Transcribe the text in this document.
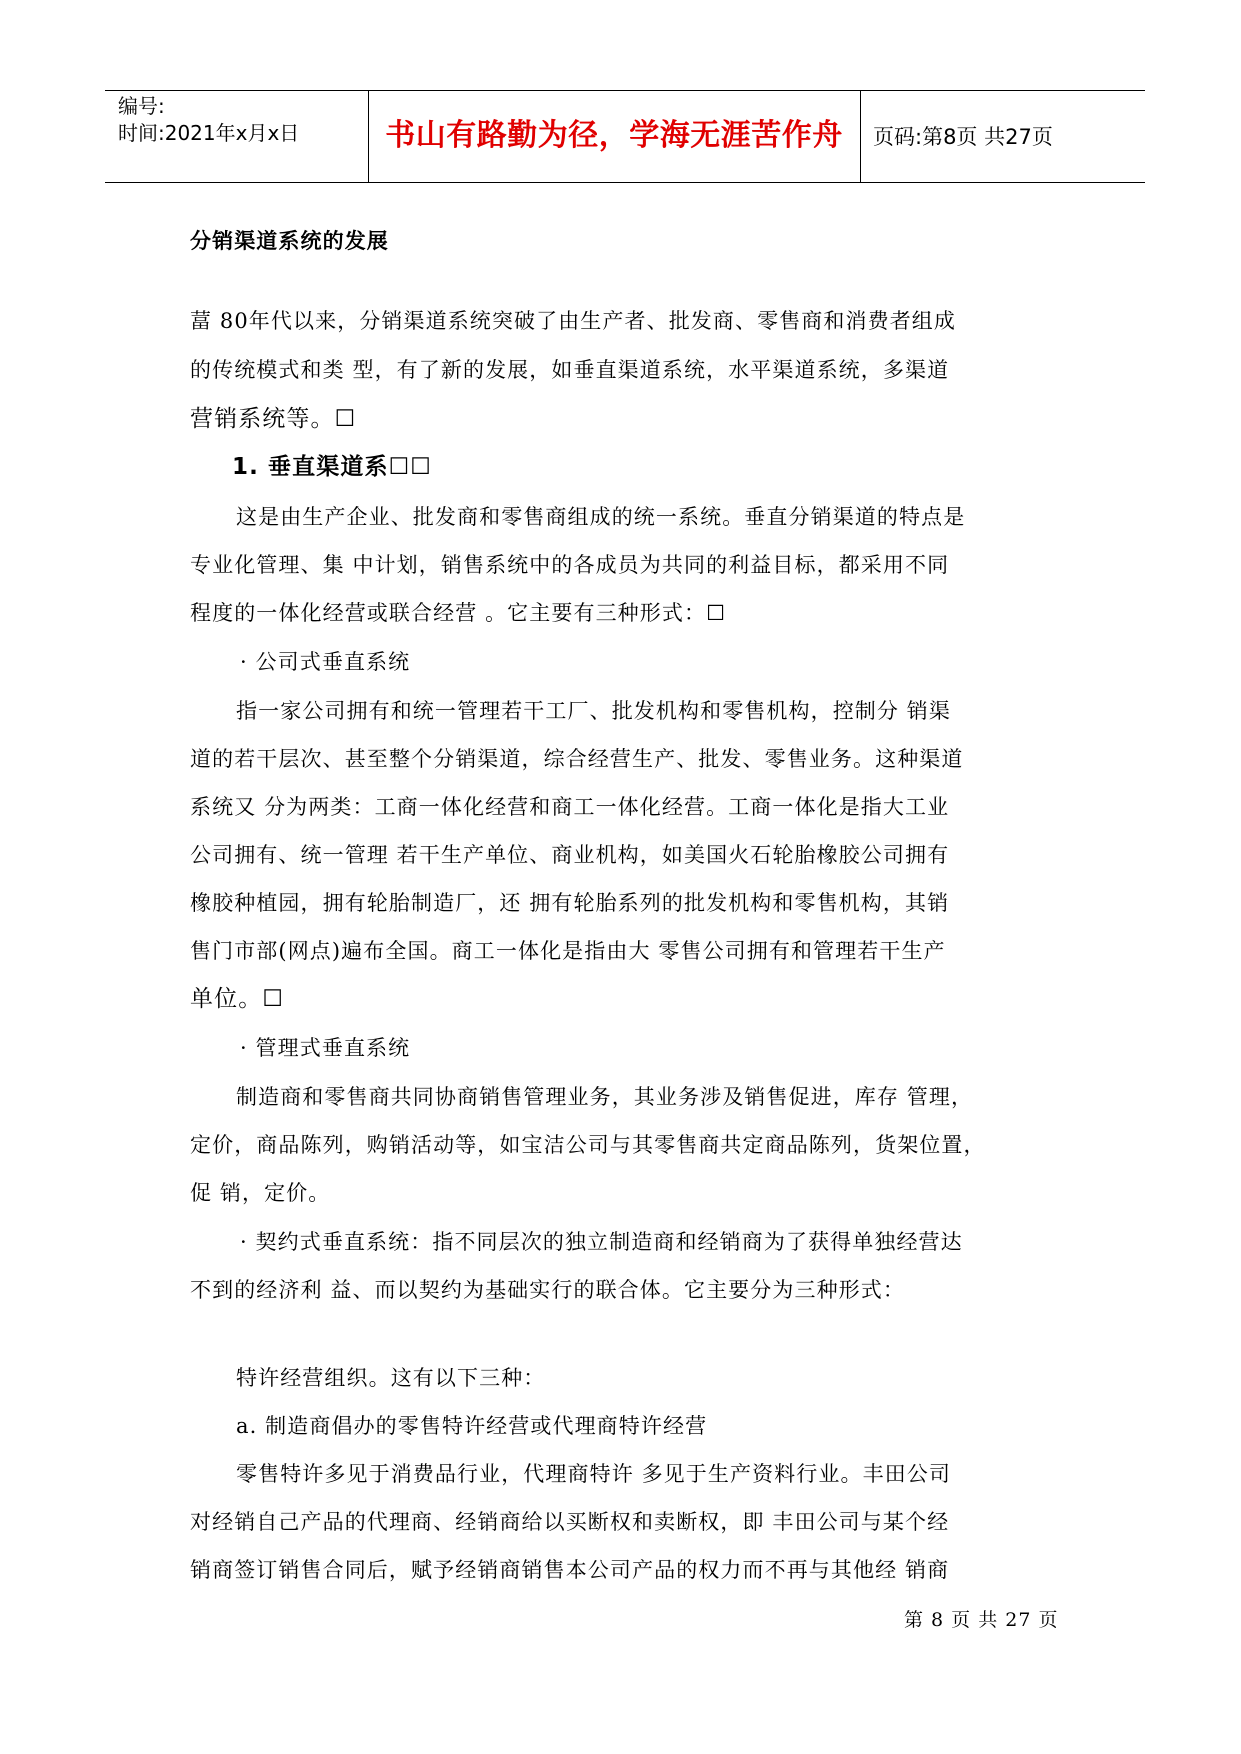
编号:
时间:2021年x月x日	书山有路勤为径，学海无涯苦作舟	页码:第8页 共27页
分销渠道系统的发展
葍 80年代以来，分销渠道系统突破了由生产者、批发商、零售商和消费者组成
的传统模式和类 型，有了新的发展，如垂直渠道系统，水平渠道系统，多渠道
营销系统等。☐
1. 垂直渠道系☐☐
这是由生产企业、批发商和零售商组成的统一系统。垂直分销渠道的特点是
专业化管理、集 中计划，销售系统中的各成员为共同的利益目标，都采用不同
程度的一体化经营或联合经营 。它主要有三种形式：☐
· 公司式垂直系统
指一家公司拥有和统一管理若干工厂、批发机构和零售机构，控制分 销渠
道的若干层次、甚至整个分销渠道，综合经营生产、批发、零售业务。这种渠道
系统又 分为两类：工商一体化经营和商工一体化经营。工商一体化是指大工业
公司拥有、统一管理 若干生产单位、商业机构，如美国火石轮胎橡胶公司拥有
橡胶种植园，拥有轮胎制造厂，还 拥有轮胎系列的批发机构和零售机构，其销
售门市部(网点)遍布全国。商工一体化是指由大 零售公司拥有和管理若干生产
单位。☐
· 管理式垂直系统
制造商和零售商共同协商销售管理业务，其业务涉及销售促进，库存 管理，
定价，商品陈列，购销活动等，如宝洁公司与其零售商共定商品陈列，货架位置，
促 销，定价。
· 契约式垂直系统：指不同层次的独立制造商和经销商为了获得单独经营达
不到的经济利 益、而以契约为基础实行的联合体。它主要分为三种形式：
特许经营组织。这有以下三种：
a. 制造商倡办的零售特许经营或代理商特许经营
零售特许多见于消费品行业，代理商特许 多见于生产资料行业。丰田公司
对经销自己产品的代理商、经销商给以买断权和卖断权，即 丰田公司与某个经
销商签订销售合同后，赋予经销商销售本公司产品的权力而不再与其他经 销商
第 8 页 共 27 页
